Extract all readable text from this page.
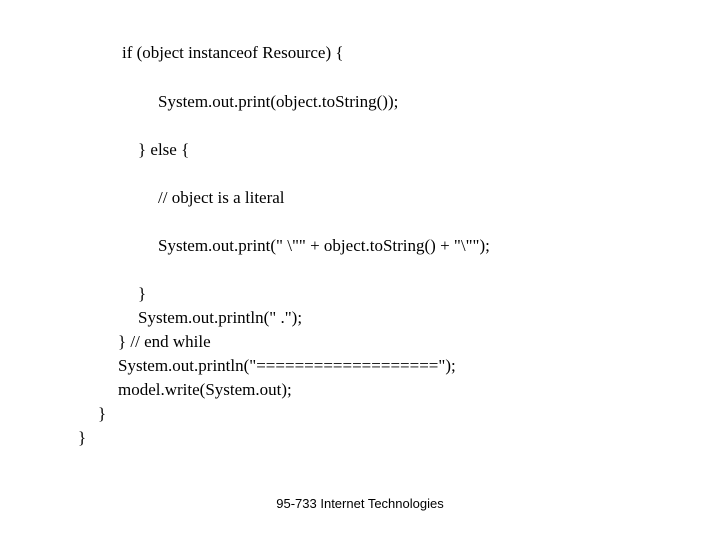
if (object instanceof Resource) {
System.out.print(object.toString());
} else {
// object is a literal
System.out.print(" \"" + object.toString() + "\"");
}
System.out.println(" .");
} // end while
System.out.println("===================");
model.write(System.out);
}
}
95-733 Internet Technologies
